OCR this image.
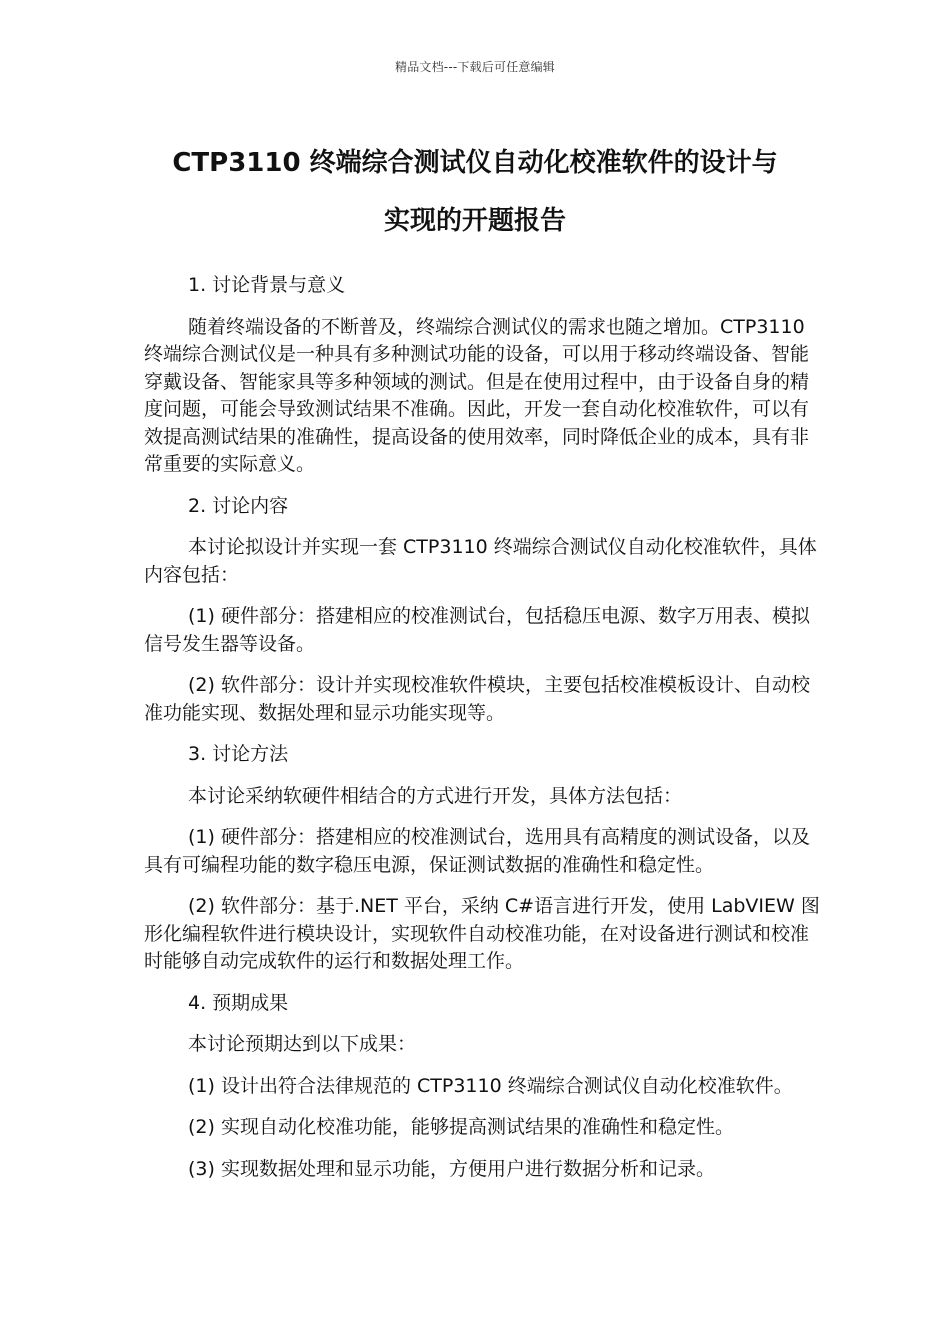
精品文档---下载后可任意编辑
CTP3110 终端综合测试仪自动化校准软件的设计与
实现的开题报告

1. 讨论背景与意义

随着终端设备的不断普及，终端综合测试仪的需求也随之增加。CTP3110 终端综合测试仪是一种具有多种测试功能的设备，可以用于移动终端设备、智能穿戴设备、智能家具等多种领域的测试。但是在使用过程中，由于设备自身的精度问题，可能会导致测试结果不准确。因此，开发一套自动化校准软件，可以有效提高测试结果的准确性，提高设备的使用效率，同时降低企业的成本，具有非常重要的实际意义。

2. 讨论内容

本讨论拟设计并实现一套 CTP3110 终端综合测试仪自动化校准软件，具体内容包括：

(1) 硬件部分：搭建相应的校准测试台，包括稳压电源、数字万用表、模拟信号发生器等设备。

(2) 软件部分：设计并实现校准软件模块，主要包括校准模板设计、自动校准功能实现、数据处理和显示功能实现等。

3. 讨论方法

本讨论采纳软硬件相结合的方式进行开发，具体方法包括：

(1) 硬件部分：搭建相应的校准测试台，选用具有高精度的测试设备，以及具有可编程功能的数字稳压电源，保证测试数据的准确性和稳定性。

(2) 软件部分：基于.NET 平台，采纳 C#语言进行开发，使用 LabVIEW 图形化编程软件进行模块设计，实现软件自动校准功能，在对设备进行测试和校准时能够自动完成软件的运行和数据处理工作。

4. 预期成果

本讨论预期达到以下成果：

(1) 设计出符合法律规范的 CTP3110 终端综合测试仪自动化校准软件。

(2) 实现自动化校准功能，能够提高测试结果的准确性和稳定性。

(3) 实现数据处理和显示功能，方便用户进行数据分析和记录。
